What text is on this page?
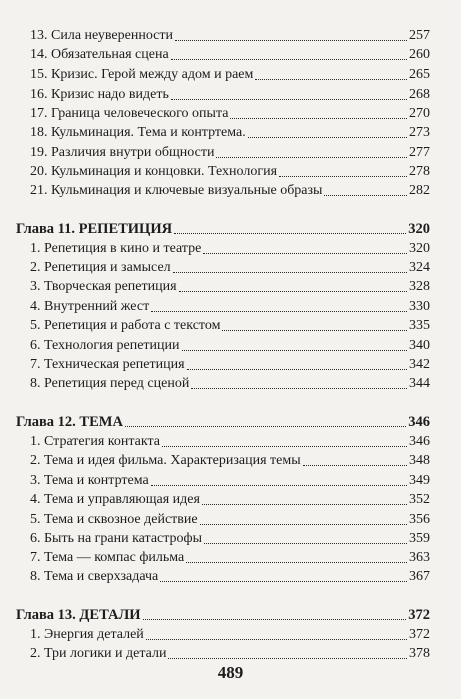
13. Сила неуверенности	257
14. Обязательная сцена	260
15. Кризис. Герой между адом и раем	265
16. Кризис надо видеть	268
17. Граница человеческого опыта	270
18. Кульминация. Тема и контртема.	273
19. Различия внутри общности	277
20. Кульминация и концовки. Технология	278
21. Кульминация и ключевые визуальные образы	282
Глава 11. РЕПЕТИЦИЯ	320
1. Репетиция в кино и театре	320
2. Репетиция и замысел	324
3. Творческая репетиция	328
4. Внутренний жест	330
5. Репетиция и работа с текстом	335
6. Технология репетиции	340
7. Техническая репетиция	342
8. Репетиция перед сценой	344
Глава 12. ТЕМА	346
1. Стратегия контакта	346
2. Тема и идея фильма. Характеризация темы	348
3. Тема и контртема	349
4. Тема и управляющая идея	352
5. Тема и сквозное действие	356
6. Быть на грани катастрофы	359
7. Тема — компас фильма	363
8. Тема и сверхзадача	367
Глава 13. ДЕТАЛИ	372
1. Энергия деталей	372
2. Три логики и детали	378
489
